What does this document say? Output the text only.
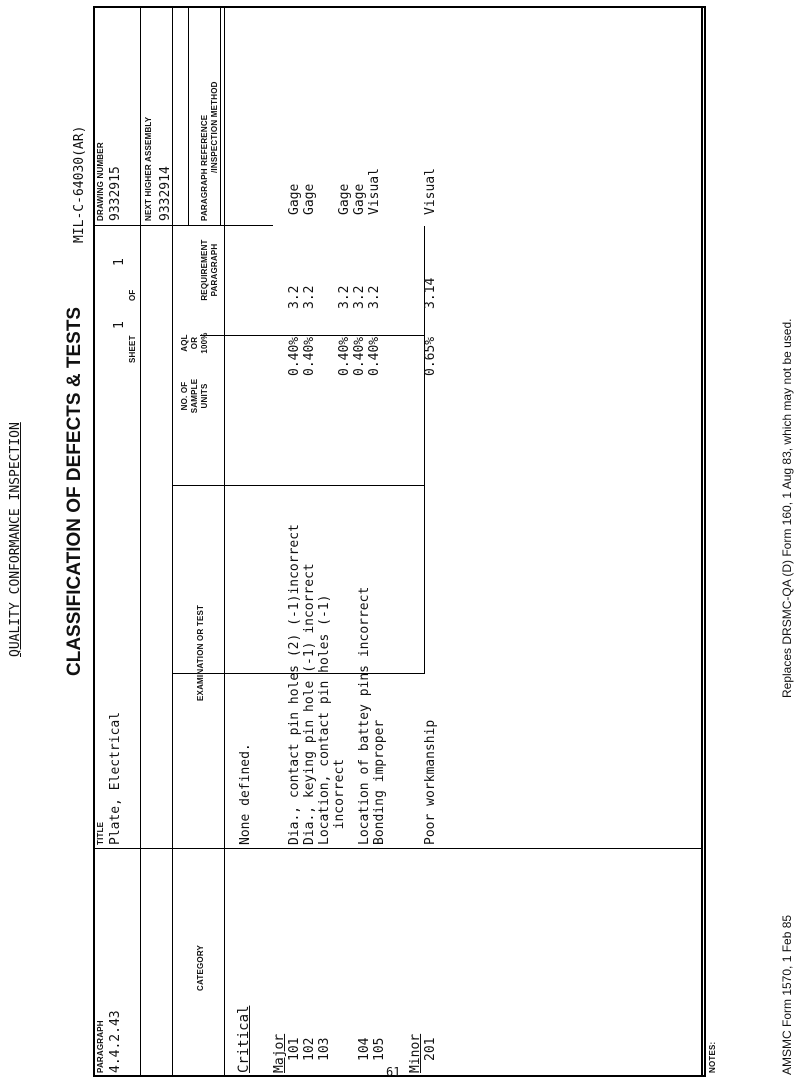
QUALITY CONFORMANCE INSPECTION CLASSIFICATION OF DEFECTS & TESTS
MIL-C-64030(AR)
PARAGRAPH 4.4.2.43
TITLE Plate, Electrical
1
1
SHEET
OF
DRAWING NUMBER 9332915	NEXT HIGHER ASSEMBLY 9332914
CATEGORY
EXAMINATION OR TEST
NO. OF
SAMPLE
UNITS
AQL
OR
100%
REQUIREMENT
PARAGRAPH
PARAGRAPH REFERENCE
/INSPECTION METHOD
Critical
None defined.
Major 101 102 103 104 105
Dia., contact pin holes (2) (-1)incorrect Dia., keying pin hole (-1) incorrect Location, contact pin holes (-1) incorrect Location of battey pins incorrect Bonding improper
0.40% 0.40% 0.40% 0.40% 0.40%
3.2 3.2 3.2 3.2 3.2
Gage Gage Gage Gage Visual
Minor 201
Poor workmanship
0.65%
3.14
Visual
NOTES:	AMSMC Form 1570, 1 Feb 85
Replaces DRSMC-QA (D) Form 160, 1 Aug 83, which may not be used.
61
